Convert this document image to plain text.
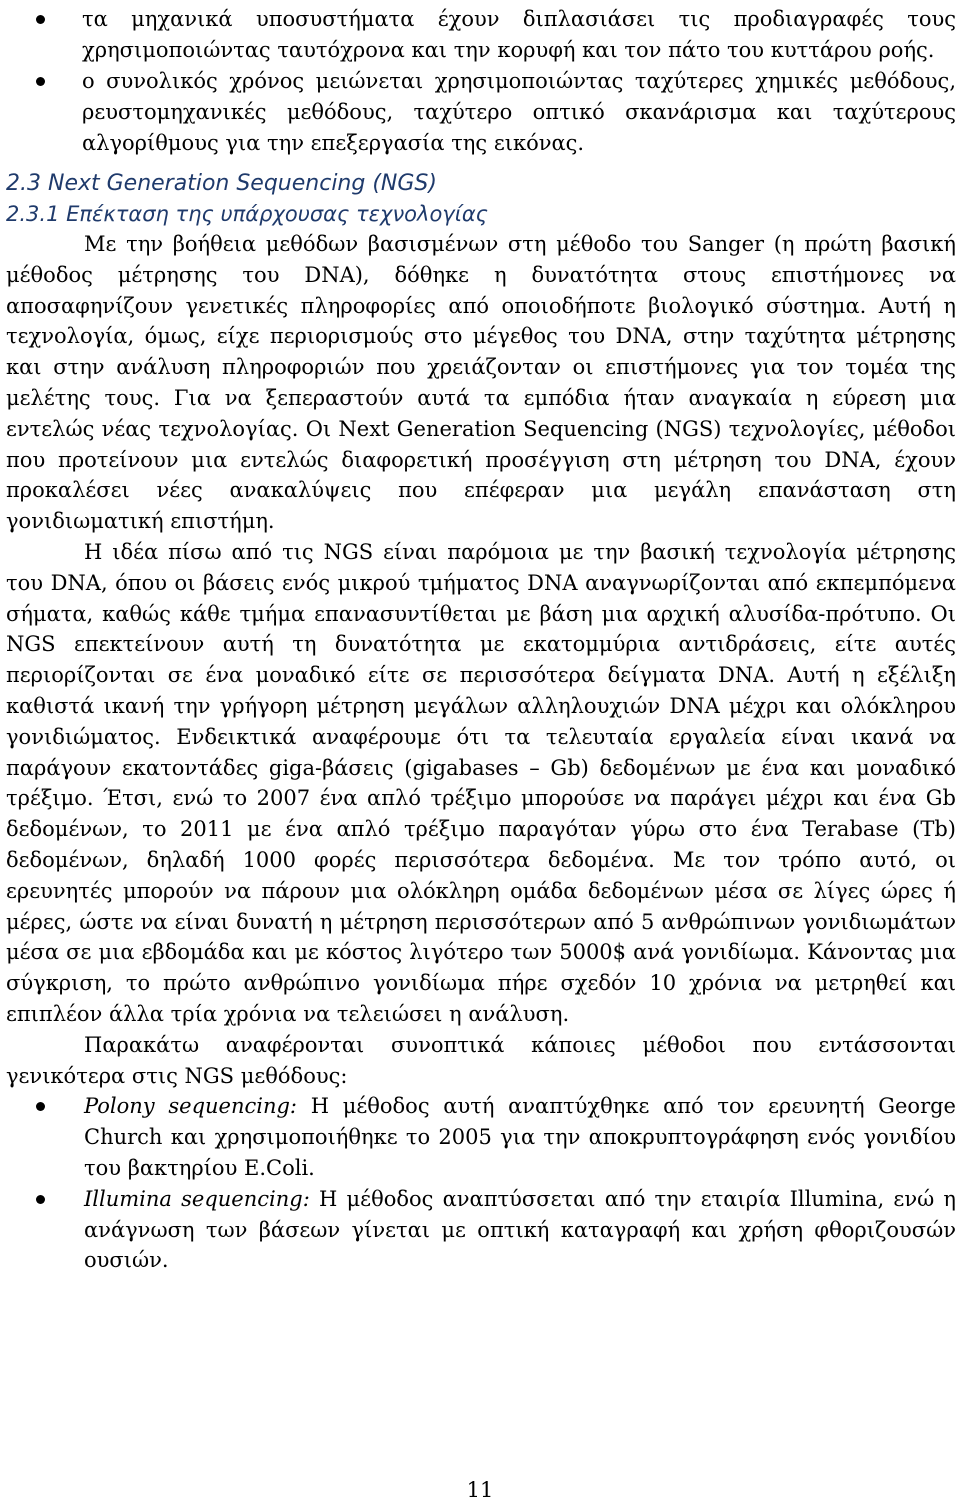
τα μηχανικά υποσυστήματα έχουν διπλασιάσει τις προδιαγραφές τους χρησιμοποιώντας ταυτόχρονα και την κορυφή και τον πάτο του κυττάρου ροής.
ο συνολικός χρόνος μειώνεται χρησιμοποιώντας ταχύτερες χημικές μεθόδους, ρευστομηχανικές μεθόδους, ταχύτερο οπτικό σκανάρισμα και ταχύτερους αλγορίθμους για την επεξεργασία της εικόνας.
2.3 Next Generation Sequencing (NGS)
2.3.1 Επέκταση της υπάρχουσας τεχνολογίας

Με την βοήθεια μεθόδων βασισμένων στη μέθοδο του Sanger (η πρώτη βασική μέθοδος μέτρησης του DNA), δόθηκε η δυνατότητα στους επιστήμονες να αποσαφηνίζουν γενετικές πληροφορίες από οποιοδήποτε βιολογικό σύστημα. Αυτή η τεχνολογία, όμως, είχε περιορισμούς στο μέγεθος του DNA, στην ταχύτητα μέτρησης και στην ανάλυση πληροφοριών που χρειάζονταν οι επιστήμονες για τον τομέα της μελέτης τους. Για να ξεπεραστούν αυτά τα εμπόδια ήταν αναγκαία η εύρεση μια εντελώς νέας τεχνολογίας. Οι Next Generation Sequencing (NGS) τεχνολογίες, μέθοδοι που προτείνουν μια εντελώς διαφορετική προσέγγιση στη μέτρηση του DNA, έχουν προκαλέσει νέες ανακαλύψεις που επέφεραν μια μεγάλη επανάσταση στη γονιδιωματική επιστήμη.

Η ιδέα πίσω από τις NGS είναι παρόμοια με την βασική τεχνολογία μέτρησης του DNA, όπου οι βάσεις ενός μικρού τμήματος DNA αναγνωρίζονται από εκπεμπόμενα σήματα, καθώς κάθε τμήμα επανασυντίθεται με βάση μια αρχική αλυσίδα-πρότυπο. Οι NGS επεκτείνουν αυτή τη δυνατότητα με εκατομμύρια αντιδράσεις, είτε αυτές περιορίζονται σε ένα μοναδικό είτε σε περισσότερα δείγματα DNA. Αυτή η εξέλιξη καθιστά ικανή την γρήγορη μέτρηση μεγάλων αλληλουχιών DNA μέχρι και ολόκληρου γονιδιώματος. Ενδεικτικά αναφέρουμε ότι τα τελευταία εργαλεία είναι ικανά να παράγουν εκατοντάδες giga-βάσεις (gigabases – Gb) δεδομένων με ένα και μοναδικό τρέξιμο. Έτσι, ενώ το 2007 ένα απλό τρέξιμο μπορούσε να παράγει μέχρι και ένα Gb δεδομένων, το 2011 με ένα απλό τρέξιμο παραγόταν γύρω στο ένα Terabase (Tb) δεδομένων, δηλαδή 1000 φορές περισσότερα δεδομένα. Με τον τρόπο αυτό, οι ερευνητές μπορούν να πάρουν μια ολόκληρη ομάδα δεδομένων μέσα σε λίγες ώρες ή μέρες, ώστε να είναι δυνατή η μέτρηση περισσότερων από 5 ανθρώπινων γονιδιωμάτων μέσα σε μια εβδομάδα και με κόστος λιγότερο των 5000$ ανά γονιδίωμα. Κάνοντας μια σύγκριση, το πρώτο ανθρώπινο γονιδίωμα πήρε σχεδόν 10 χρόνια να μετρηθεί και επιπλέον άλλα τρία χρόνια να τελειώσει η ανάλυση.

Παρακάτω αναφέρονται συνοπτικά κάποιες μέθοδοι που εντάσσονται γενικότερα στις NGS μεθόδους:

Polony sequencing: Η μέθοδος αυτή αναπτύχθηκε από τον ερευνητή George Church και χρησιμοποιήθηκε το 2005 για την αποκρυπτογράφηση ενός γονιδίου του βακτηρίου E.Coli.
Illumina sequencing: Η μέθοδος αναπτύσσεται από την εταιρία Illumina, ενώ η ανάγνωση των βάσεων γίνεται με οπτική καταγραφή και χρήση φθοριζουσών ουσιών.
11
